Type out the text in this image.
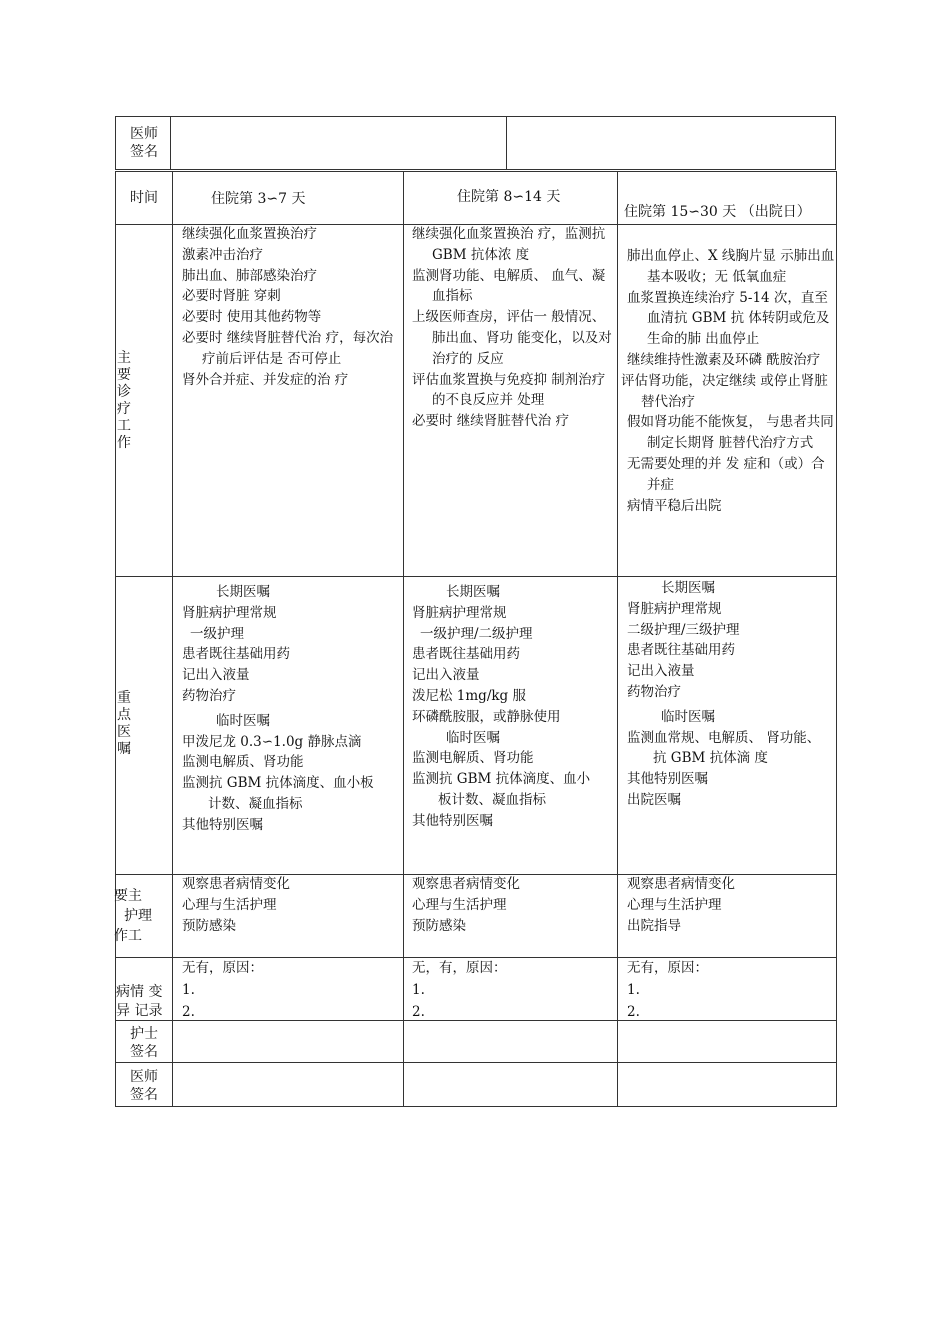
医师
签名
时间	住院第 3∽7 天	住院第 8∽14 天
住院第 15∽30 天 （出院日）
主要诊疗工作
继续强化血浆置换治疗
激素冲击治疗
肺出血、肺部感染治疗
必要时肾脏 穿刺
必要时 使用其他药物等
必要时 继续肾脏替代治 疗，每次治疗前后评估是 否可停止
肾外合并症、并发症的治 疗
继续强化血浆置换治 疗，监测抗 GBM 抗体浓 度
监测肾功能、电解质、 血气、凝血指标
上级医师查房，评估一 般情况、肺出血、肾功 能变化，以及对治疗的 反应
评估血浆置换与免疫抑 制剂治疗的不良反应并 处理
必要时 继续肾脏替代治 疗
肺出血停止、X 线胸片显 示肺出血基本吸收；无 低氧血症
血浆置换连续治疗 5-14 次，直至血清抗 GBM 抗 体转阴或危及生命的肺 出血停止
继续维持性激素及环磷 酰胺治疗
评估肾功能，决定继续 或停止肾脏替代治疗
假如肾功能不能恢复， 与患者共同制定长期肾 脏替代治疗方式
无需要处理的并 发 症和（或）合并症
病情平稳后出院
重点医嘱
长期医嘱
肾脏病护理常规
一级护理
患者既往基础用药
记出入液量
药物治疗
临时医嘱
甲泼尼龙 0.3∽1.0g 静脉点滴
监测电解质、肾功能
监测抗 GBM 抗体滴度、血小板计数、凝血指标
其他特别医嘱
长期医嘱
肾脏病护理常规
一级护理/二级护理
患者既往基础用药
记出入液量
泼尼松 1mg/kg 服
环磷酰胺服，或静脉使用
临时医嘱
监测电解质、肾功能
监测抗 GBM 抗体滴度、血小板计数、凝血指标
其他特别医嘱
长期医嘱
肾脏病护理常规
二级护理/三级护理
患者既往基础用药
记出入液量
药物治疗
临时医嘱
监测血常规、电解质、 肾功能、抗 GBM 抗体滴 度
其他特别医嘱
出院医嘱
要主
护理
作工
观察患者病情变化
心理与生活护理
预防感染
观察患者病情变化
心理与生活护理
预防感染
观察患者病情变化
心理与生活护理
出院指导
病情 变
异 记录
无有，原因：
1.
2.
无，有，原因：
1.
2.
无有，原因：
1.
2.
护士
签名
医师
签名
